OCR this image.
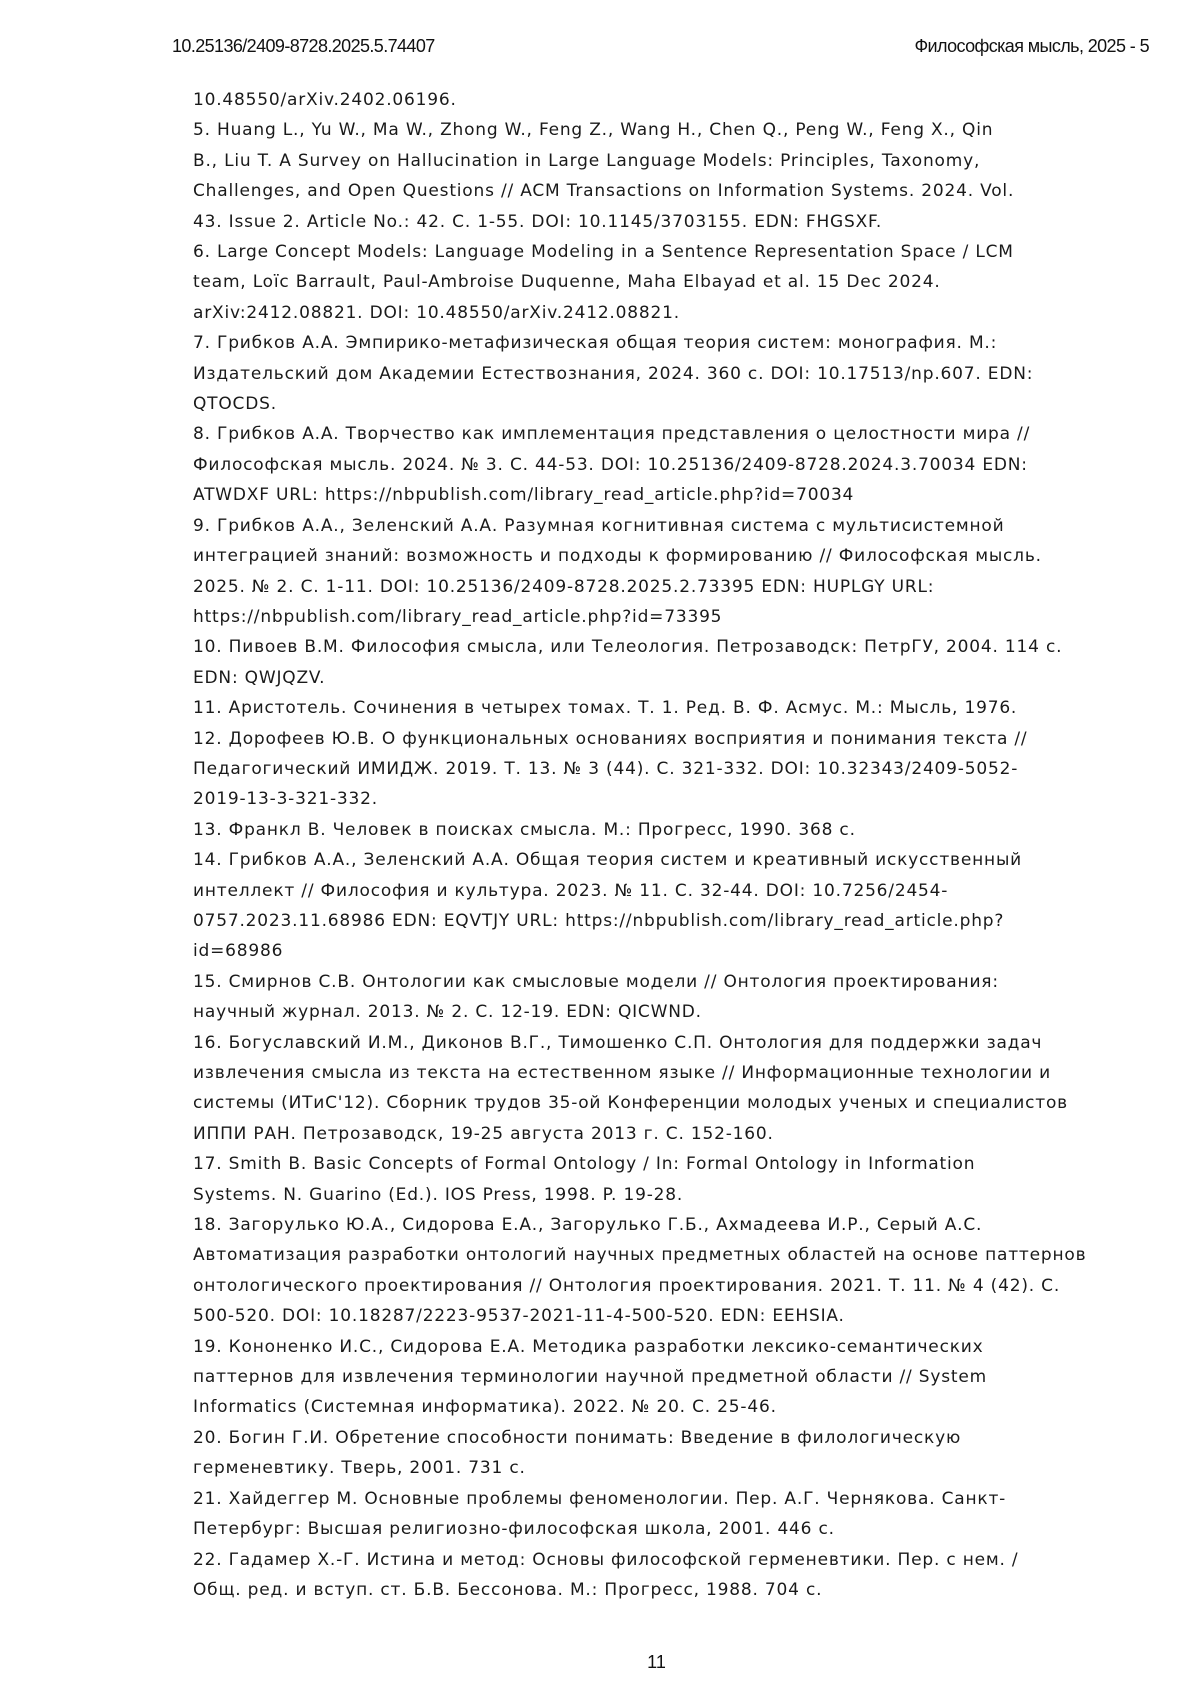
10.25136/2409-8728.2025.5.74407	Философская мысль, 2025 - 5

10.48550/arXiv.2402.06196.

5. Huang L., Yu W., Ma W., Zhong W., Feng Z., Wang H., Chen Q., Peng W., Feng X., Qin
B., Liu T. A Survey on Hallucination in Large Language Models: Principles, Taxonomy,
Challenges, and Open Questions // ACM Transactions on Information Systems. 2024. Vol.
43. Issue 2. Article No.: 42. С. 1-55. DOI: 10.1145/3703155. EDN: FHGSXF.

6. Large Concept Models: Language Modeling in a Sentence Representation Space / LCM
team, Loïc Barrault, Paul-Ambroise Duquenne, Maha Elbayad et al. 15 Dec 2024.
arXiv:2412.08821. DOI: 10.48550/arXiv.2412.08821.

7. Грибков А.А. Эмпирико-метафизическая общая теория систем: монография. М.:
Издательский дом Академии Естествознания, 2024. 360 с. DOI: 10.17513/np.607. EDN:
QTOCDS.

8. Грибков А.А. Творчество как имплементация представления о целостности мира //
Философская мысль. 2024. № 3. С. 44-53. DOI: 10.25136/2409-8728.2024.3.70034 EDN:
ATWDXF URL: https://nbpublish.com/library_read_article.php?id=70034

9. Грибков А.А., Зеленский А.А. Разумная когнитивная система с мультисистемной
интеграцией знаний: возможность и подходы к формированию // Философская мысль.
2025. № 2. С. 1-11. DOI: 10.25136/2409-8728.2025.2.73395 EDN: HUPLGY URL:
https://nbpublish.com/library_read_article.php?id=73395

10. Пивоев В.М. Философия смысла, или Телеология. Петрозаводск: ПетрГУ, 2004. 114 с.
EDN: QWJQZV.

11. Аристотель. Сочинения в четырех томах. Т. 1. Ред. В. Ф. Асмус. М.: Мысль, 1976.

12. Дорофеев Ю.В. О функциональных основаниях восприятия и понимания текста //
Педагогический ИМИДЖ. 2019. Т. 13. № 3 (44). С. 321-332. DOI: 10.32343/2409-5052-
2019-13-3-321-332.

13. Франкл В. Человек в поисках смысла. М.: Прогресс, 1990. 368 с.

14. Грибков А.А., Зеленский А.А. Общая теория систем и креативный искусственный
интеллект // Философия и культура. 2023. № 11. С. 32-44. DOI: 10.7256/2454-
0757.2023.11.68986 EDN: EQVTJY URL: https://nbpublish.com/library_read_article.php?
id=68986

15. Смирнов С.В. Онтологии как смысловые модели // Онтология проектирования:
научный журнал. 2013. № 2. С. 12-19. EDN: QICWND.

16. Богуславский И.М., Диконов В.Г., Тимошенко С.П. Онтология для поддержки задач
извлечения смысла из текста на естественном языке // Информационные технологии и
системы (ИТиС'12). Сборник трудов 35-ой Конференции молодых ученых и специалистов
ИППИ РАН. Петрозаводск, 19-25 августа 2013 г. С. 152-160.

17. Smith B. Basic Concepts of Formal Ontology / In: Formal Ontology in Information
Systems. N. Guarino (Ed.). IOS Press, 1998. P. 19-28.

18. Загорулько Ю.А., Сидорова Е.А., Загорулько Г.Б., Ахмадеева И.Р., Серый А.С.
Автоматизация разработки онтологий научных предметных областей на основе паттернов
онтологического проектирования // Онтология проектирования. 2021. Т. 11. № 4 (42). С.
500-520. DOI: 10.18287/2223-9537-2021-11-4-500-520. EDN: EEHSIA.

19. Кононенко И.С., Сидорова Е.А. Методика разработки лексико-семантических
паттернов для извлечения терминологии научной предметной области // System
Informatics (Системная информатика). 2022. № 20. С. 25-46.

20. Богин Г.И. Обретение способности понимать: Введение в филологическую
герменевтику. Тверь, 2001. 731 с.

21. Хайдеггер М. Основные проблемы феноменологии. Пер. А.Г. Чернякова. Санкт-
Петербург: Высшая религиозно-философская школа, 2001. 446 с.

22. Гадамер Х.-Г. Истина и метод: Основы философской герменевтики. Пер. с нем. /
Общ. ред. и вступ. ст. Б.В. Бессонова. М.: Прогресс, 1988. 704 с.

11
